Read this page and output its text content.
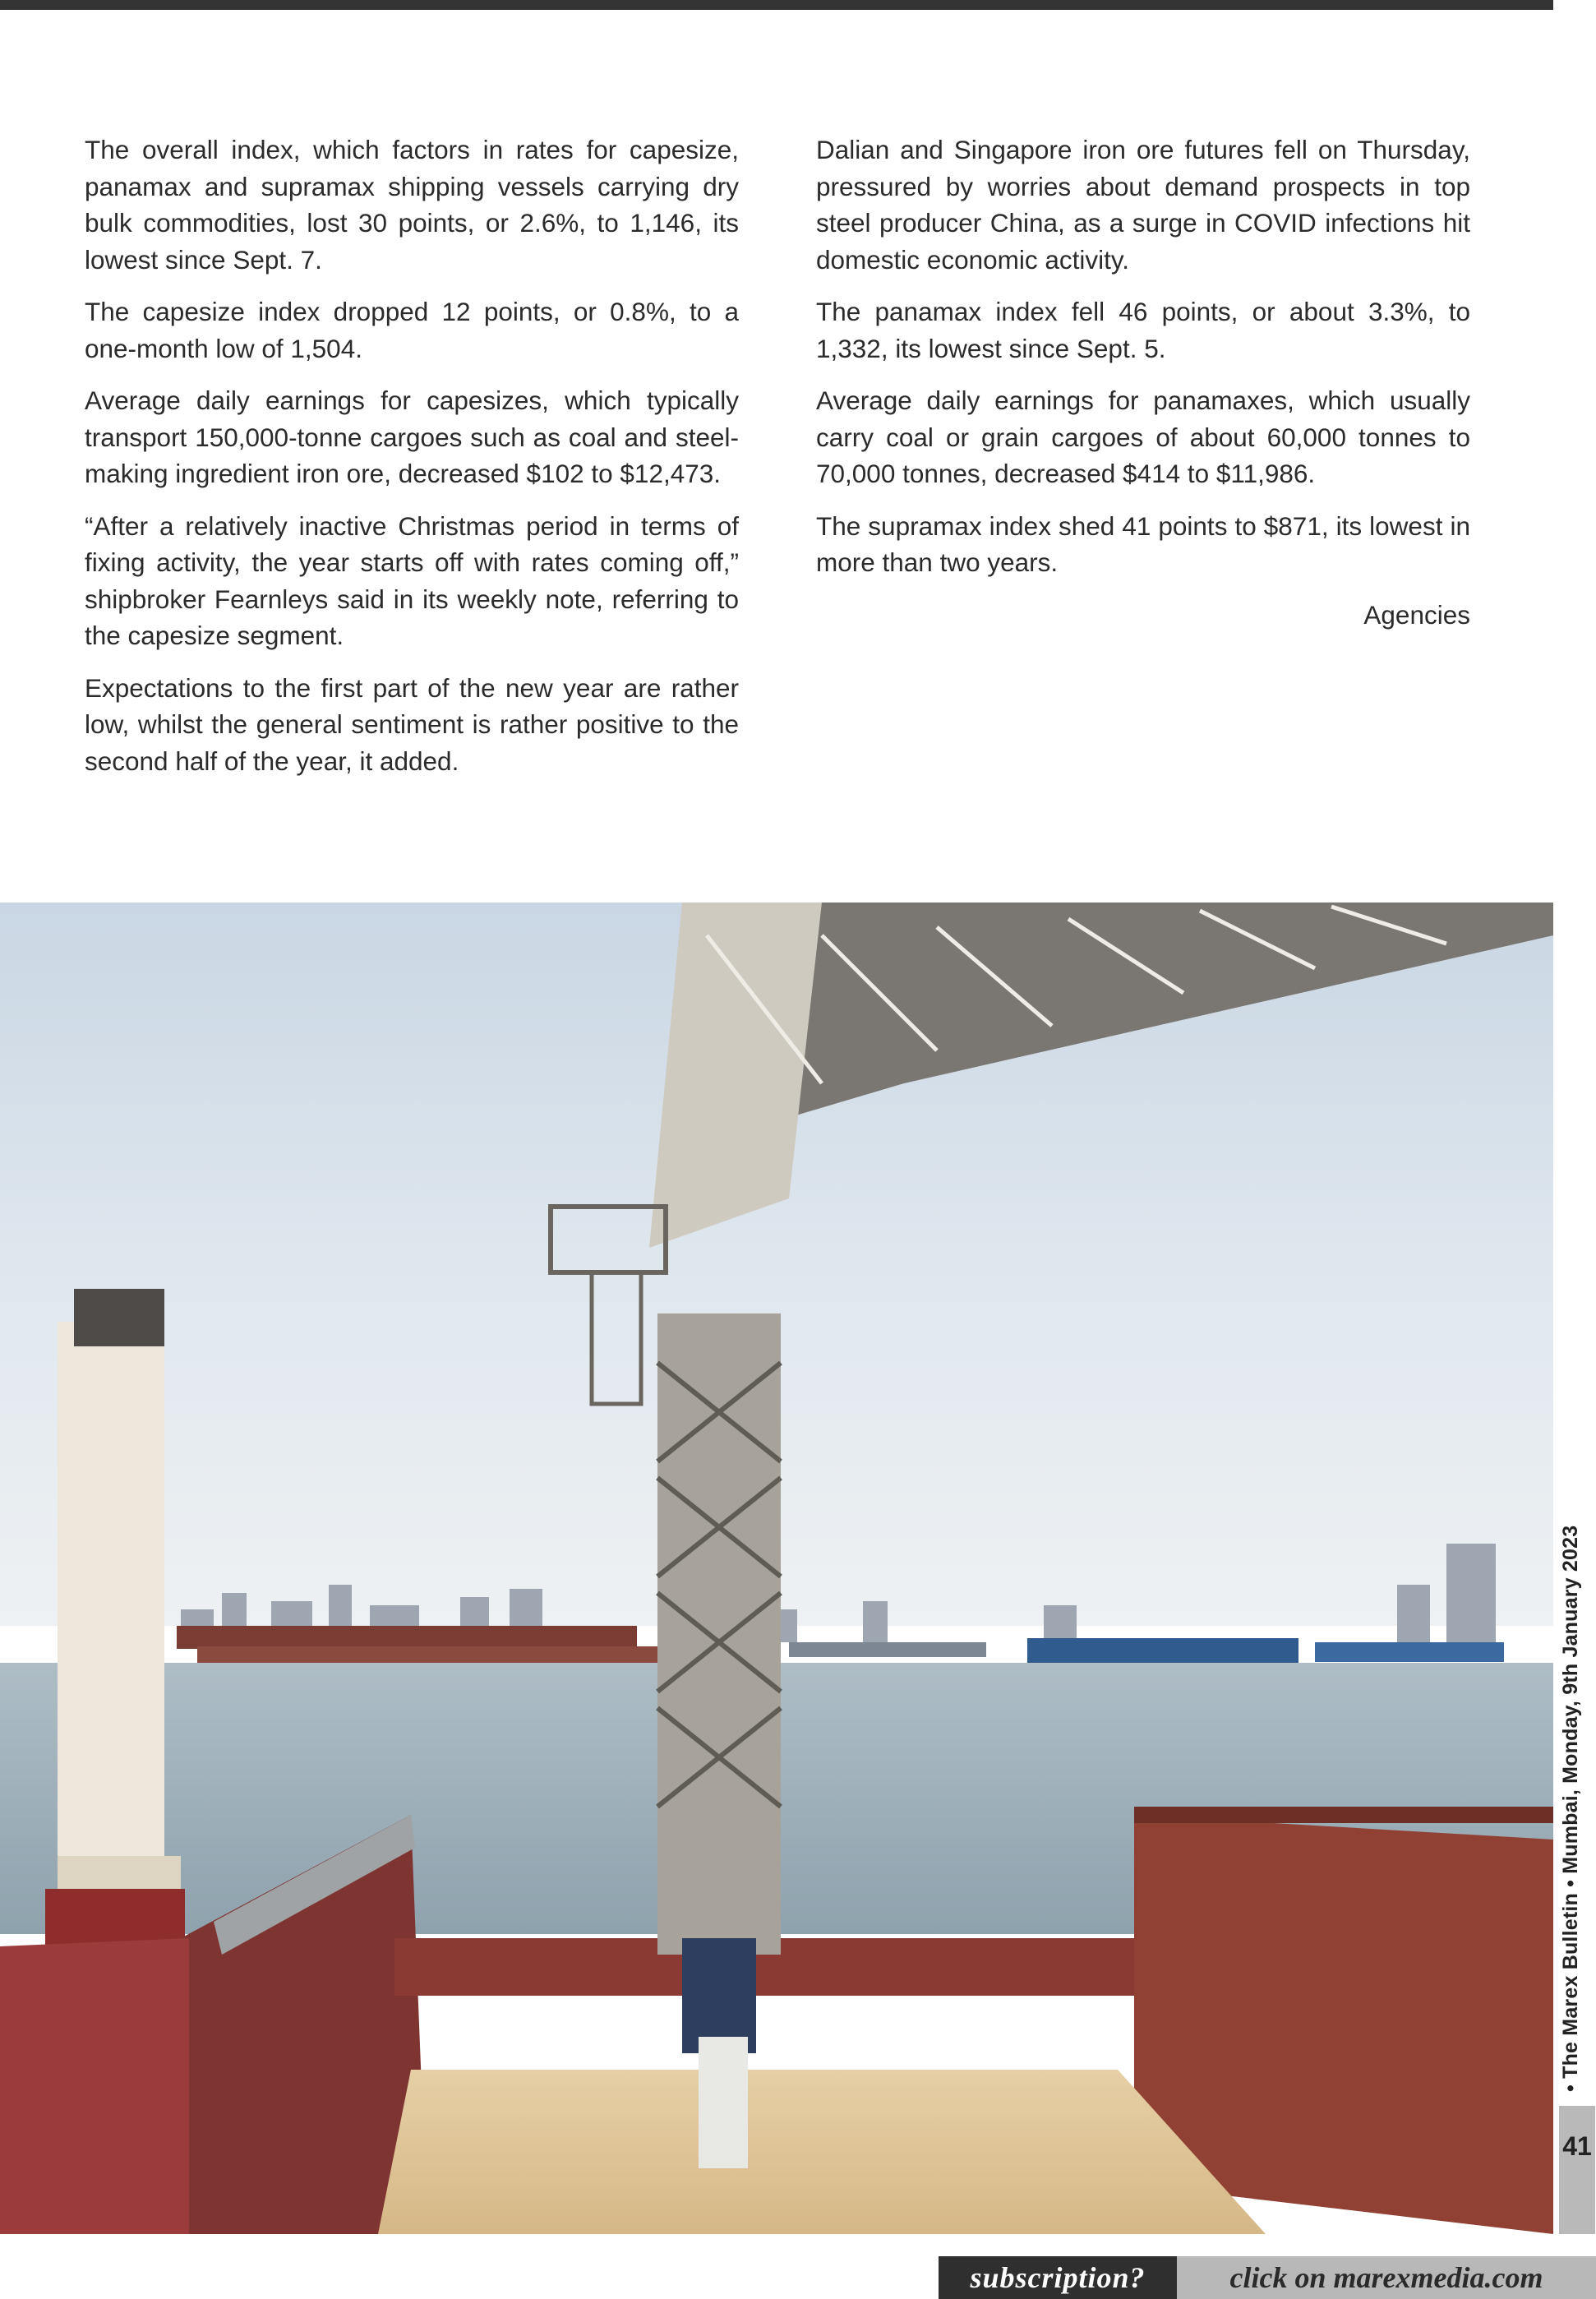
The overall index, which factors in rates for capesize, panamax and supramax shipping vessels carrying dry bulk commodities, lost 30 points, or 2.6%, to 1,146, its lowest since Sept. 7.

The capesize index dropped 12 points, or 0.8%, to a one-month low of 1,504.

Average daily earnings for capesizes, which typically transport 150,000-tonne cargoes such as coal and steel-making ingredient iron ore, decreased $102 to $12,473.

“After a relatively inactive Christmas period in terms of fixing activity, the year starts off with rates coming off,” shipbroker Fearnleys said in its weekly note, referring to the capesize segment.

Expectations to the first part of the new year are rather low, whilst the general sentiment is rather positive to the second half of the year, it added.

Dalian and Singapore iron ore futures fell on Thursday, pressured by worries about demand prospects in top steel producer China, as a surge in COVID infections hit domestic economic activity.

The panamax index fell 46 points, or about 3.3%, to 1,332, its lowest since Sept. 5.

Average daily earnings for panamaxes, which usually carry coal or grain cargoes of about 60,000 tonnes to 70,000 tonnes, decreased $414 to $11,986.

The supramax index shed 41 points to $871, its lowest in more than two years.

Agencies

• The Marex Bulletin • Mumbai, Monday, 9th January 2023
41
subscription?	click on marexmedia.com
